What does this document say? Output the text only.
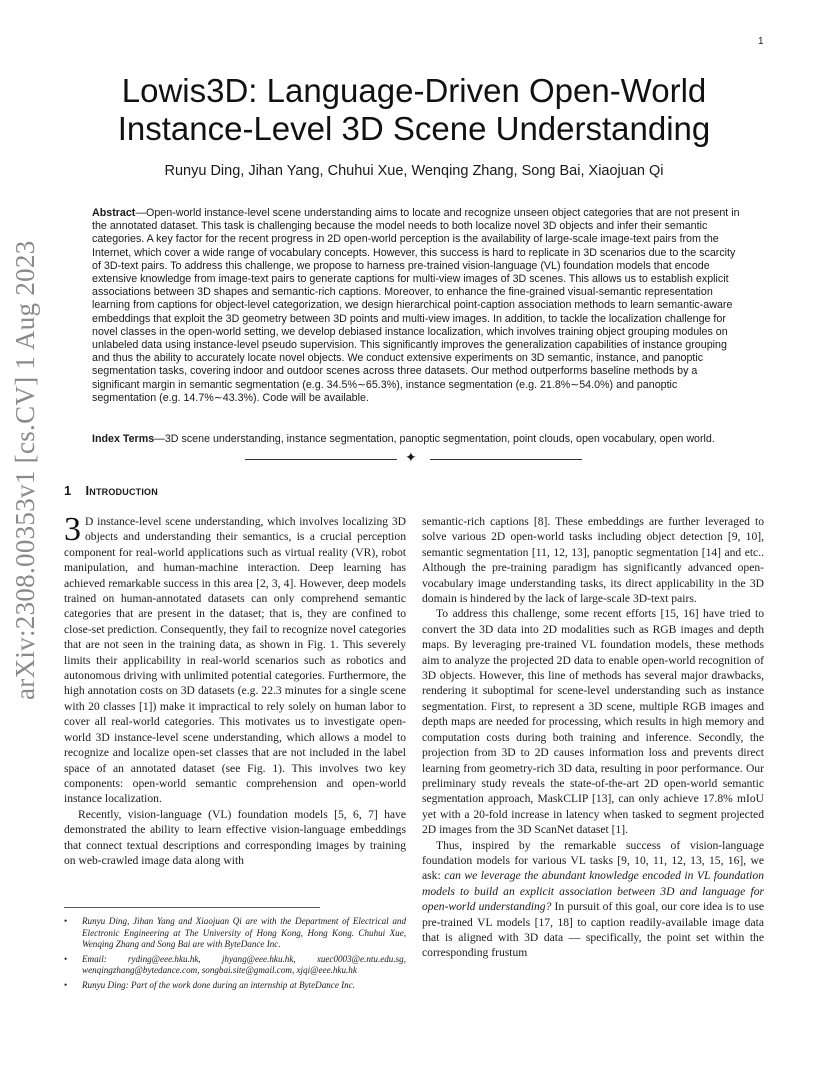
1
arXiv:2308.00353v1 [cs.CV] 1 Aug 2023
Lowis3D: Language-Driven Open-World
Instance-Level 3D Scene Understanding
Runyu Ding, Jihan Yang, Chuhui Xue, Wenqing Zhang, Song Bai, Xiaojuan Qi

Abstract—Open-world instance-level scene understanding aims to locate and recognize unseen object categories that are not present in the annotated dataset. This task is challenging because the model needs to both localize novel 3D objects and infer their semantic categories. A key factor for the recent progress in 2D open-world perception is the availability of large-scale image-text pairs from the Internet, which cover a wide range of vocabulary concepts. However, this success is hard to replicate in 3D scenarios due to the scarcity of 3D-text pairs. To address this challenge, we propose to harness pre-trained vision-language (VL) foundation models that encode extensive knowledge from image-text pairs to generate captions for multi-view images of 3D scenes. This allows us to establish explicit associations between 3D shapes and semantic-rich captions. Moreover, to enhance the fine-grained visual-semantic representation learning from captions for object-level categorization, we design hierarchical point-caption association methods to learn semantic-aware embeddings that exploit the 3D geometry between 3D points and multi-view images. In addition, to tackle the localization challenge for novel classes in the open-world setting, we develop debiased instance localization, which involves training object grouping modules on unlabeled data using instance-level pseudo supervision. This significantly improves the generalization capabilities of instance grouping and thus the ability to accurately locate novel objects. We conduct extensive experiments on 3D semantic, instance, and panoptic segmentation tasks, covering indoor and outdoor scenes across three datasets. Our method outperforms baseline methods by a significant margin in semantic segmentation (e.g. 34.5%∼65.3%), instance segmentation (e.g. 21.8%∼54.0%) and panoptic segmentation (e.g. 14.7%∼43.3%). Code will be available.

Index Terms—3D scene understanding, instance segmentation, panoptic segmentation, point clouds, open vocabulary, open world.

✦
1 Introduction

3 D instance-level scene understanding, which involves localizing 3D objects and understanding their semantics, is a crucial perception component for real-world applications such as virtual reality (VR), robot manipulation, and human-machine interaction. Deep learning has achieved remarkable success in this area [2, 3, 4]. However, deep models trained on human-annotated datasets can only comprehend semantic categories that are present in the dataset; that is, they are confined to close-set prediction. Consequently, they fail to recognize novel categories that are not seen in the training data, as shown in Fig. 1. This severely limits their applicability in real-world scenarios such as robotics and autonomous driving with unlimited potential categories. Furthermore, the high annotation costs on 3D datasets (e.g. 22.3 minutes for a single scene with 20 classes [1]) make it impractical to rely solely on human labor to cover all real-world categories. This motivates us to investigate open-world 3D instance-level scene understanding, which allows a model to recognize and localize open-set classes that are not included in the label space of an annotated dataset (see Fig. 1). This involves two key components: open-world semantic comprehension and open-world instance localization.

Recently, vision-language (VL) foundation models [5, 6, 7] have demonstrated the ability to learn effective vision-language embeddings that connect textual descriptions and corresponding images by training on web-crawled image data along with

semantic-rich captions [8]. These embeddings are further leveraged to solve various 2D open-world tasks including object detection [9, 10], semantic segmentation [11, 12, 13], panoptic segmentation [14] and etc.. Although the pre-training paradigm has significantly advanced open-vocabulary image understanding tasks, its direct applicability in the 3D domain is hindered by the lack of large-scale 3D-text pairs.

To address this challenge, some recent efforts [15, 16] have tried to convert the 3D data into 2D modalities such as RGB images and depth maps. By leveraging pre-trained VL foundation models, these methods aim to analyze the projected 2D data to enable open-world recognition of 3D objects. However, this line of methods has several major drawbacks, rendering it suboptimal for scene-level understanding such as instance segmentation. First, to represent a 3D scene, multiple RGB images and depth maps are needed for processing, which results in high memory and computation costs during both training and inference. Secondly, the projection from 3D to 2D causes information loss and prevents direct learning from geometry-rich 3D data, resulting in poor performance. Our preliminary study reveals the state-of-the-art 2D open-world semantic segmentation approach, MaskCLIP [13], can only achieve 17.8% mIoU yet with a 20-fold increase in latency when tasked to segment projected 2D images from the 3D ScanNet dataset [1].

Thus, inspired by the remarkable success of vision-language foundation models for various VL tasks [9, 10, 11, 12, 13, 15, 16], we ask: can we leverage the abundant knowledge encoded in VL foundation models to build an explicit association between 3D and language for open-world understanding? In pursuit of this goal, our core idea is to use pre-trained VL models [17, 18] to caption readily-available image data that is aligned with 3D data — specifically, the point set within the corresponding frustum

• Runyu Ding, Jihan Yang and Xiaojuan Qi are with the Department of Electrical and Electronic Engineering at The University of Hong Kong, Hong Kong. Chuhui Xue, Wenqing Zhang and Song Bai are with ByteDance Inc.
• Email: ryding@eee.hku.hk, jhyang@eee.hku.hk, xuec0003@e.ntu.edu.sg, wenqingzhang@bytedance.com, songbai.site@gmail.com, xjqi@eee.hku.hk
• Runyu Ding: Part of the work done during an internship at ByteDance Inc.
